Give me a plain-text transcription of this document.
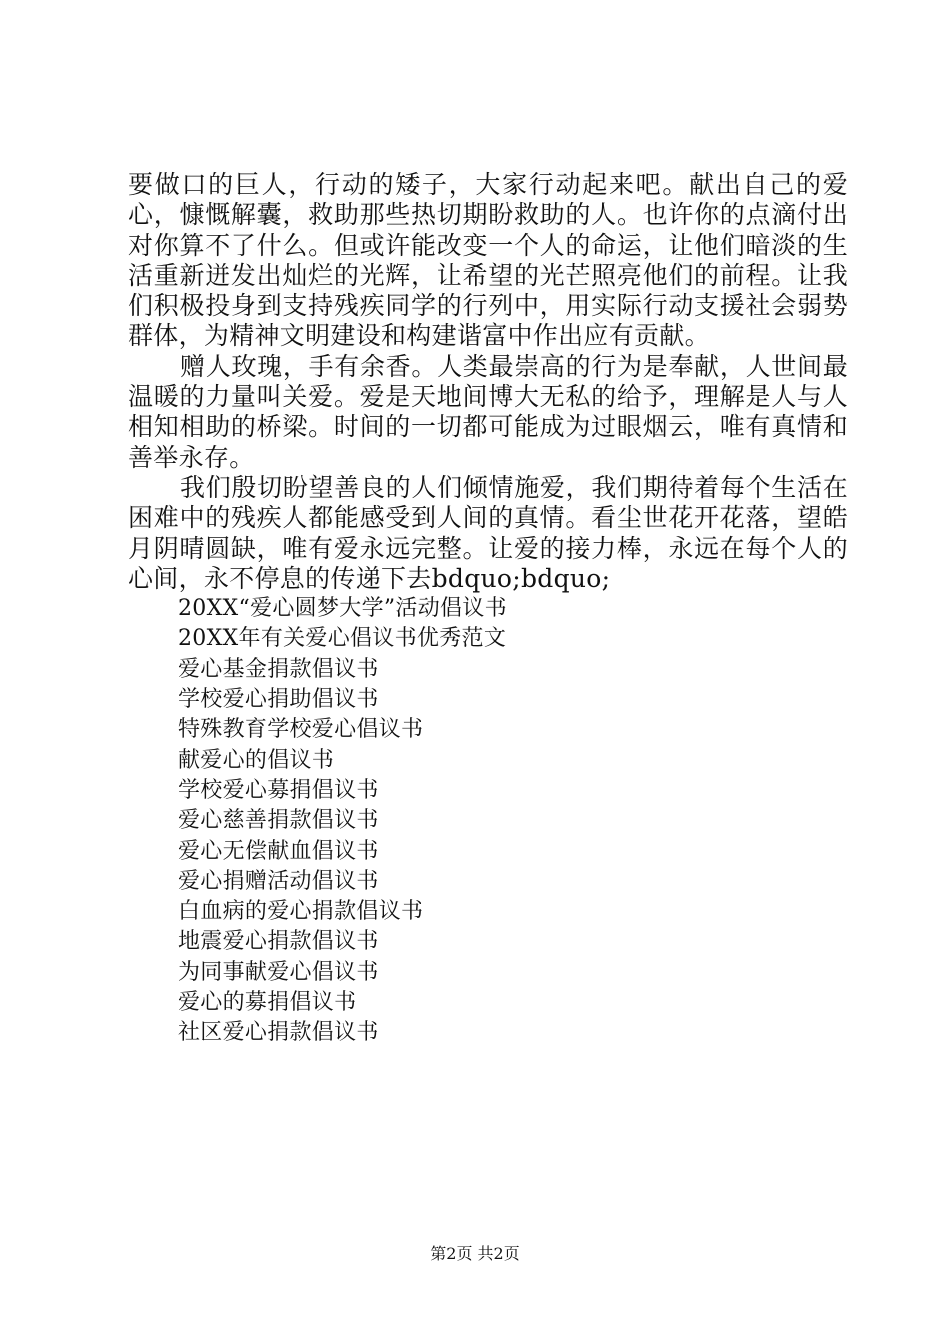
要做口的巨人，行动的矮子，大家行动起来吧。献出自己的爱心，慷慨解囊，救助那些热切期盼救助的人。也许你的点滴付出对你算不了什么。但或许能改变一个人的命运，让他们暗淡的生活重新迸发出灿烂的光辉，让希望的光芒照亮他们的前程。让我们积极投身到支持残疾同学的行列中，用实际行动支援社会弱势群体，为精神文明建设和构建谐富中作出应有贡献。

赠人玫瑰，手有余香。人类最崇高的行为是奉献，人世间最温暖的力量叫关爱。爱是天地间博大无私的给予，理解是人与人相知相助的桥梁。时间的一切都可能成为过眼烟云，唯有真情和善举永存。

我们殷切盼望善良的人们倾情施爱，我们期待着每个生活在困难中的残疾人都能感受到人间的真情。看尘世花开花落，望皓月阴晴圆缺，唯有爱永远完整。让爱的接力棒，永远在每个人的心间，永不停息的传递下去bdquo;bdquo;

20XX“爱心圆梦大学”活动倡议书
20XX年有关爱心倡议书优秀范文
爱心基金捐款倡议书
学校爱心捐助倡议书
特殊教育学校爱心倡议书
献爱心的倡议书
学校爱心募捐倡议书
爱心慈善捐款倡议书
爱心无偿献血倡议书
爱心捐赠活动倡议书
白血病的爱心捐款倡议书
地震爱心捐款倡议书
为同事献爱心倡议书
爱心的募捐倡议书
社区爱心捐款倡议书
第2页 共2页
